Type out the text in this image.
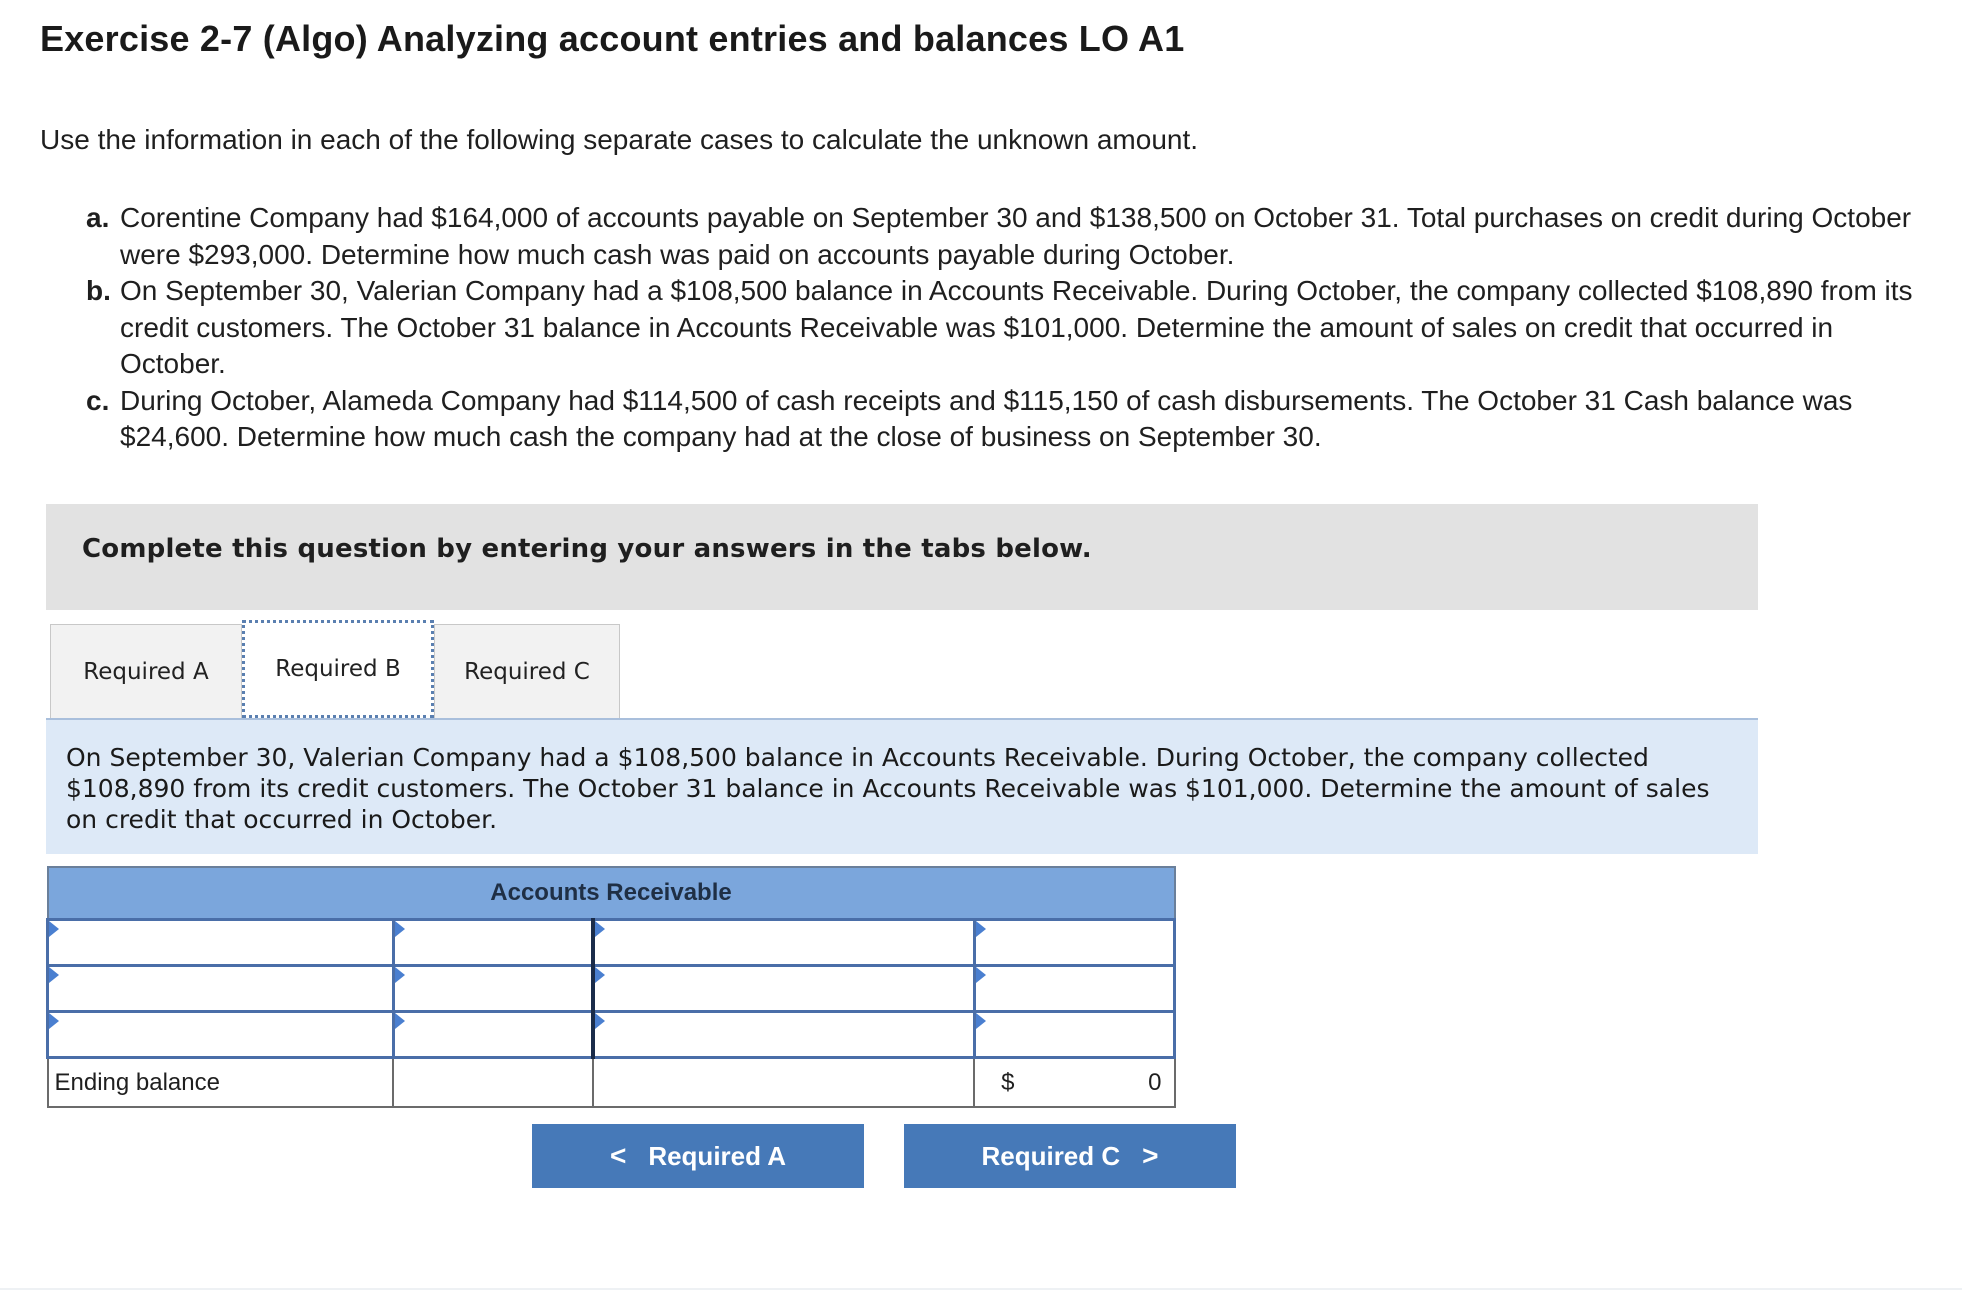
Exercise 2-7 (Algo) Analyzing account entries and balances LO A1

Use the information in each of the following separate cases to calculate the unknown amount.

a. Corentine Company had $164,000 of accounts payable on September 30 and $138,500 on October 31. Total purchases on credit during October were $293,000. Determine how much cash was paid on accounts payable during October.
b. On September 30, Valerian Company had a $108,500 balance in Accounts Receivable. During October, the company collected $108,890 from its credit customers. The October 31 balance in Accounts Receivable was $101,000. Determine the amount of sales on credit that occurred in October.
c. During October, Alameda Company had $114,500 of cash receipts and $115,150 of cash disbursements. The October 31 Cash balance was $24,600. Determine how much cash the company had at the close of business on September 30.
Complete this question by entering your answers in the tabs below.
Required A	Required B	Required C
On September 30, Valerian Company had a $108,500 balance in Accounts Receivable. During October, the company collected $108,890 from its credit customers. The October 31 balance in Accounts Receivable was $101,000. Determine the amount of sales on credit that occurred in October.
Accounts Receivable			

Ending balance			$ 0
< Required A	Required C >
